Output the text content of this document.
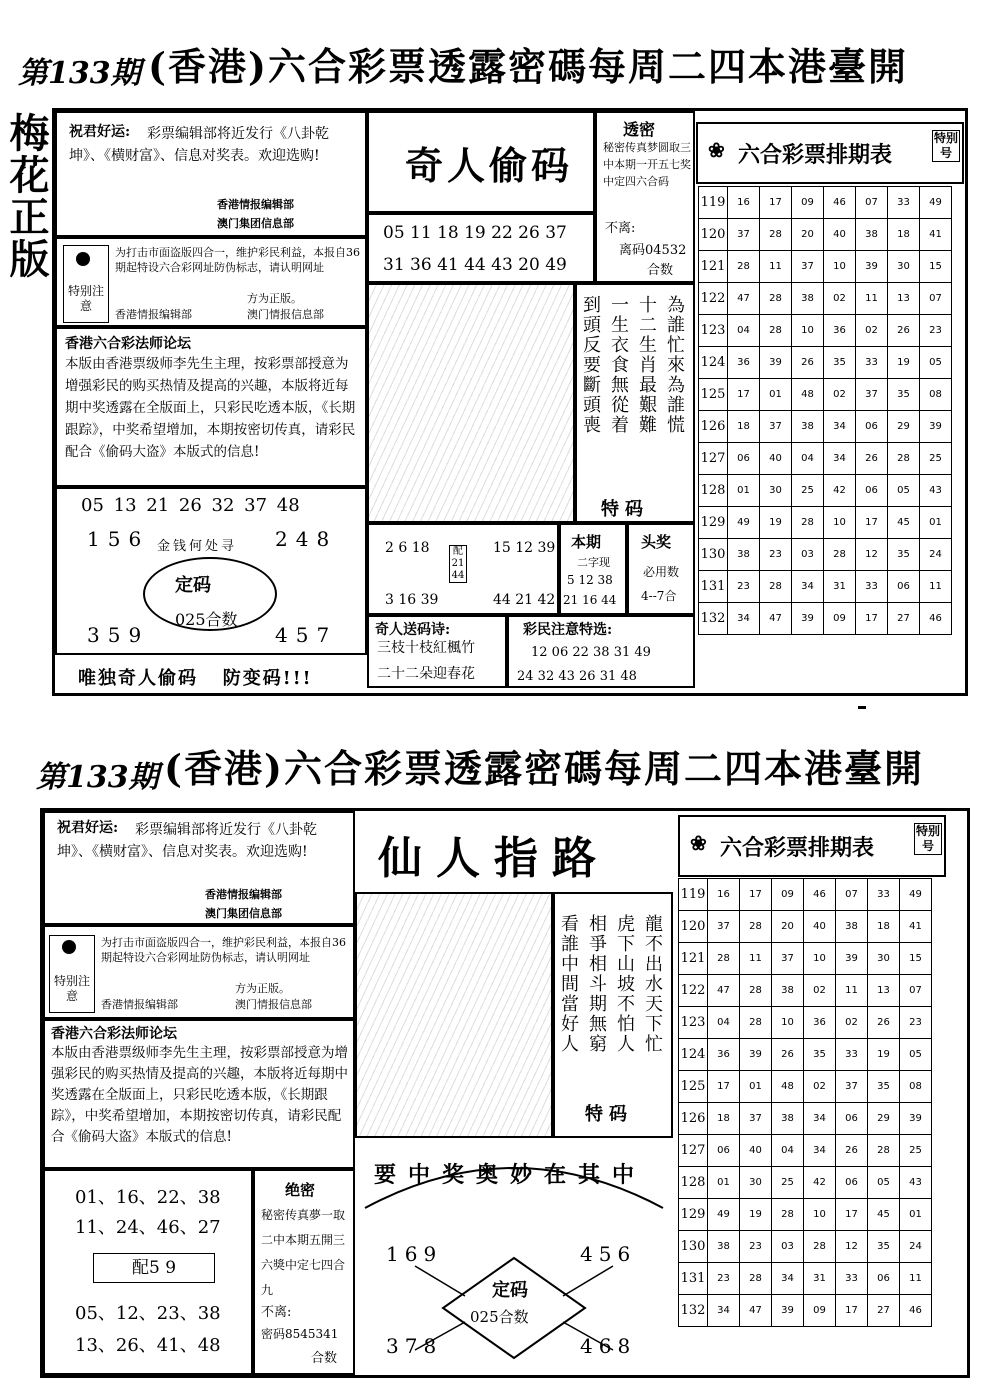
第133期 (香港)六合彩票透露密碼每周二四本港臺開
梅花正版 祝君好运:	彩票编辑部将近发行《八卦乾坤》、《横财富》、信息对奖表。欢迎选购!
香港情报编辑部
澳门集团信息部
特别注意
为打击市面盗版四合一，维护彩民利益，本报自36期起特设六合彩网址防伪标志，请认明网址
方为正版。
香港情报编辑部	澳门情报信息部
香港六合彩法师论坛
本版由香港票级师李先生主理，按彩票部授意为增强彩民的购买热情及提高的兴趣，本版将近每期中奖透露在全版面上，只彩民吃透本版，《长期跟踪》，中奖希望增加，本期按密切传真，请彩民配合《偷码大盗》本版式的信息!
05 13 21 26 32 37 48
156	248
金钱何处寻
定码
025合数
359	457
唯独奇人偷码   防变码!!!
奇人偷码
05 11 18 19 22 26 37
31 36 41 44 43 20 49
透密
秘密传真梦圆取三中本期一开五七奖中定四六合码
不离:
离码04532
合数
為誰忙來為誰慌
十二生肖最艱難
一生衣食無從着
到頭反要斷頭喪
特码
2 6 18
3 16 39
配 21 44
15 12 39
44 21 42
本期
二字现
5 12 38
21 16 44
头奖
必用数
4--7合
奇人送码诗:
三枝十枝紅楓竹
二十二朵迎春花
彩民注意特选:
12 06 22 38 31 49
24 32 43 26 31 48
❀ 六合彩票排期表
特别号
119	16	17	09	46	07	33	49
120	37	28	20	40	38	18	41
121	28	11	37	10	39	30	15
122	47	28	38	02	11	13	07
123	04	28	10	36	02	26	23
124	36	39	26	35	33	19	05
125	17	01	48	02	37	35	08
126	18	37	38	34	06	29	39
127	06	40	04	34	26	28	25
128	01	30	25	42	06	05	43
129	49	19	28	10	17	45	01
130	38	23	03	28	12	35	24
131	23	28	34	31	33	06	11
132	34	47	39	09	17	27	46
第133期 (香港)六合彩票透露密碼每周二四本港臺開
祝君好运:	彩票编辑部将近发行《八卦乾坤》、《横财富》、信息对奖表。欢迎选购!
香港情报编辑部
澳门集团信息部
特别注意
为打击市面盗版四合一，维护彩民利益，本报自36期起特设六合彩网址防伪标志，请认明网址
方为正版。
香港情报编辑部	澳门情报信息部
香港六合彩法师论坛
本版由香港票级师李先生主理，按彩票部授意为增强彩民的购买热情及提高的兴趣，本版将近每期中奖透露在全版面上，只彩民吃透本版，《长期跟踪》，中奖希望增加，本期按密切传真，请彩民配合《偷码大盗》本版式的信息!
01、16、22、38
11、24、46、27
配5 9
05、12、23、38
13、26、41、48
绝密
秘密传真夢一取二中本期五開三六獎中定七四合九
不离:
密码8545341
合数
仙人指路
龍不出水天下忙
虎下山坡不怕人
相爭相斗期無窮
看誰中間當好人
特码
要中奖奥妙在其中
169	456
定码
025合数
378	468
❀ 六合彩票排期表
特别号
119	16	17	09	46	07	33	49
120	37	28	20	40	38	18	41
121	28	11	37	10	39	30	15
122	47	28	38	02	11	13	07
123	04	28	10	36	02	26	23
124	36	39	26	35	33	19	05
125	17	01	48	02	37	35	08
126	18	37	38	34	06	29	39
127	06	40	04	34	26	28	25
128	01	30	25	42	06	05	43
129	49	19	28	10	17	45	01
130	38	23	03	28	12	35	24
131	23	28	34	31	33	06	11
132	34	47	39	09	17	27	46
